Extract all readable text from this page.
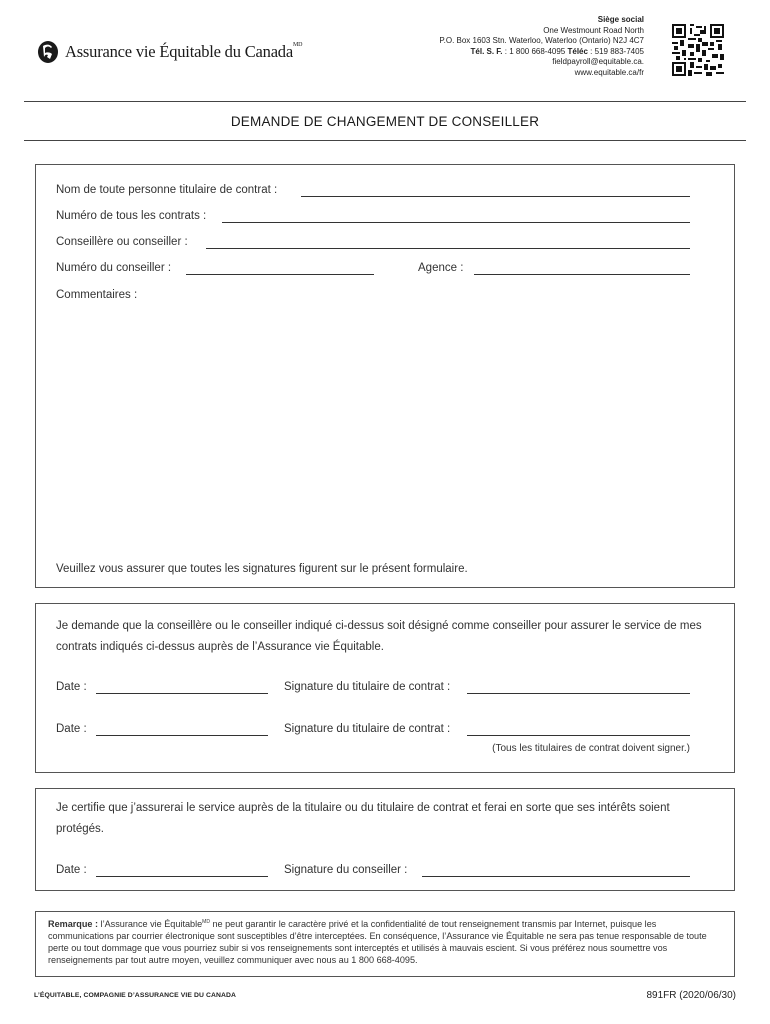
Assurance vie Équitable du Canada$^{MD}$
Siège social
One Westmount Road North
P.O. Box 1603 Stn. Waterloo, Waterloo (Ontario) N2J 4C7
Tél. S. F. : 1 800 668-4095 Téléc : 519 883-7405
fieldpayroll@equitable.ca.
www.equitable.ca/fr
DEMANDE DE CHANGEMENT DE CONSEILLER
Nom de toute personne titulaire de contrat :
Numéro de tous les contrats :
Conseillère ou conseiller :
Numéro du conseiller :	Agence :
Commentaires :
Veuillez vous assurer que toutes les signatures figurent sur le présent formulaire.
Je demande que la conseillère ou le conseiller indiqué ci-dessus soit désigné comme conseiller pour assurer le service de mes contrats indiqués ci-dessus auprès de l’Assurance vie Équitable.
Date :	Signature du titulaire de contrat :
Date :	Signature du titulaire de contrat :
(Tous les titulaires de contrat doivent signer.)
Je certifie que j’assurerai le service auprès de la titulaire ou du titulaire de contrat et ferai en sorte que ses intérêts soient protégés.
Date :	Signature du conseiller :
Remarque : l’Assurance vie Équitable$^{MD}$ ne peut garantir le caractère privé et la confidentialité de tout renseignement transmis par Internet, puisque les communications par courrier électronique sont susceptibles d’être interceptées. En conséquence, l’Assurance vie Équitable ne sera pas tenue responsable de toute perte ou tout dommage que vous pourriez subir si vos renseignements sont interceptés et utilisés à mauvais escient. Si vous préférez nous soumettre vos renseignements par tout autre moyen, veuillez communiquer avec nous au 1 800 668-4095.
L’ÉQUITABLE, COMPAGNIE D’ASSURANCE VIE DU CANADA	891FR (2020/06/30)
